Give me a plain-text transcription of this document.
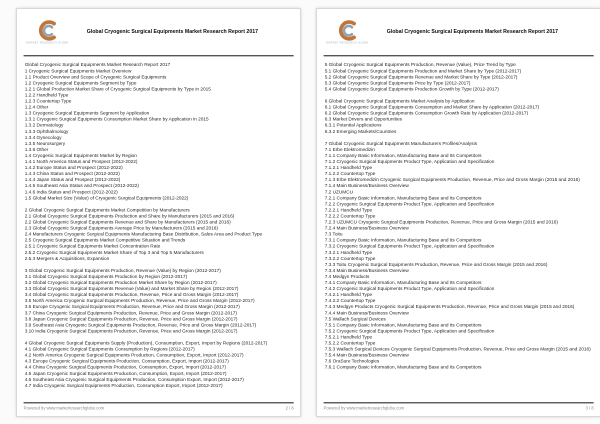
MARKET RESEARCH GLOBE
Global Cryogenic Surgical Equipments Market Research Report 2017
Global Cryogenic Surgical Equipments Market Research Report 2017
1 Cryogenic Surgical Equipments Market Overview
1.1 Product Overview and Scope of Cryogenic Surgical Equipments
1.2 Cryogenic Surgical Equipments Segment by Type
1.2.1 Global Production Market Share of Cryogenic Surgical Equipments by Type in 2015
1.2.2 Handheld Type
1.2.3 Countertop Type
1.2.4 Other
1.3 Cryogenic Surgical Equipments Segment by Application
1.3.1 Cryogenic Surgical Equipments Consumption Market Share by Application in 2015
1.3.2 Dermatology
1.3.3 Ophthalmology
1.3.4 Gynecology
1.3.5 Neurosurgery
1.3.6 Other
1.4 Cryogenic Surgical Equipments Market by Region
1.4.1 North America Status and Prospect (2012-2022)
1.4.2 Europe Status and Prospect (2012-2022)
1.4.3 China Status and Prospect (2012-2022)
1.4.4 Japan Status and Prospect (2012-2022)
1.4.5 Southeast Asia Status and Prospect (2012-2022)
1.4.6 India Status and Prospect (2012-2022)
1.5 Global Market Size (Value) of Cryogenic Surgical Equipments (2012-2022)
2 Global Cryogenic Surgical Equipments Market Competition by Manufacturers
2.1 Global Cryogenic Surgical Equipments Production and Share by Manufacturers (2015 and 2016)
2.2 Global Cryogenic Surgical Equipments Revenue and Share by Manufacturers (2015 and 2016)
2.3 Global Cryogenic Surgical Equipments Average Price by Manufacturers (2015 and 2016)
2.4 Manufacturers Cryogenic Surgical Equipments Manufacturing Base Distribution, Sales Area and Product Type
2.5 Cryogenic Surgical Equipments Market Competitive Situation and Trends
2.5.1 Cryogenic Surgical Equipments Market Concentration Rate
2.5.2 Cryogenic Surgical Equipments Market Share of Top 3 and Top 5 Manufacturers
2.5.3 Mergers & Acquisitions, Expansion
3 Global Cryogenic Surgical Equipments Production, Revenue (Value) by Region (2012-2017)
3.1 Global Cryogenic Surgical Equipments Production by Region (2012-2017)
3.2 Global Cryogenic Surgical Equipments Production Market Share by Region (2012-2017)
3.3 Global Cryogenic Surgical Equipments Revenue (Value) and Market Share by Region (2012-2017)
3.4 Global Cryogenic Surgical Equipments Production, Revenue, Price and Gross Margin (2012-2017)
3.5 North America Cryogenic Surgical Equipments Production, Revenue, Price and Gross Margin (2012-2017)
3.6 Europe Cryogenic Surgical Equipments Production, Revenue, Price and Gross Margin (2012-2017)
3.7 China Cryogenic Surgical Equipments Production, Revenue, Price and Gross Margin (2012-2017)
3.8 Japan Cryogenic Surgical Equipments Production, Revenue, Price and Gross Margin (2012-2017)
3.9 Southeast Asia Cryogenic Surgical Equipments Production, Revenue, Price and Gross Margin (2012-2017)
3.10 India Cryogenic Surgical Equipments Production, Revenue, Price and Gross Margin (2012-2017)
4 Global Cryogenic Surgical Equipments Supply (Production), Consumption, Export, Import by Regions (2012-2017)
4.1 Global Cryogenic Surgical Equipments Consumption by Regions (2012-2017)
4.2 North America Cryogenic Surgical Equipments Production, Consumption, Export, Import (2012-2017)
4.3 Europe Cryogenic Surgical Equipments Production, Consumption, Export, Import (2012-2017)
4.4 China Cryogenic Surgical Equipments Production, Consumption, Export, Import (2012-2017)
4.5 Japan Cryogenic Surgical Equipments Production, Consumption, Export, Import (2012-2017)
4.6 Southeast Asia Cryogenic Surgical Equipments Production, Consumption Export, Import (2012-2017)
4.7 India Cryogenic Surgical Equipments Production, Consumption Export, Import (2012-2017)
Powered by www.marketresearchglobe.com	2 / 8
MARKET RESEARCH GLOBE
Global Cryogenic Surgical Equipments Market Research Report 2017
5 Global Cryogenic Surgical Equipments Production, Revenue (Value), Price Trend by Type
5.1 Global Cryogenic Surgical Equipments Production and Market Share by Type (2012-2017)
5.2 Global Cryogenic Surgical Equipments Revenue and Market Share by Type (2012-2017)
5.3 Global Cryogenic Surgical Equipments Price by Type (2012-2017)
5.4 Global Cryogenic Surgical Equipments Production Growth by Type (2012-2017)
6 Global Cryogenic Surgical Equipments Market Analysis by Application
6.1 Global Cryogenic Surgical Equipments Consumption and Market Share by Application (2012-2017)
6.2 Global Cryogenic Surgical Equipments Consumption Growth Rate by Application (2012-2017)
6.3 Market Drivers and Opportunities
6.3.1 Potential Applications
6.3.2 Emerging Markets/Countries
7 Global Cryogenic Surgical Equipments Manufacturers Profiles/Analysis
7.1 Erbe Elektromedizin
7.1.1 Company Basic Information, Manufacturing Base and Its Competitors
7.1.2 Cryogenic Surgical Equipments Product Type, Application and Specification
7.1.2.1 Handheld Type
7.1.2.2 Countertop Type
7.1.3 Erbe Elektromedizin Cryogenic Surgical Equipments Production, Revenue, Price and Gross Margin (2015 and 2016)
7.1.4 Main Business/Business Overview
7.2 UZUMCU
7.2.1 Company Basic Information, Manufacturing Base and Its Competitors
7.2.2 Cryogenic Surgical Equipments Product Type, Application and Specification
7.2.2.1 Handheld Type
7.2.2.2 Countertop Type
7.2.3 UZUMCU Cryogenic Surgical Equipments Production, Revenue, Price and Gross Margin (2015 and 2016)
7.2.4 Main Business/Business Overview
7.3 Toitu
7.3.1 Company Basic Information, Manufacturing Base and Its Competitors
7.3.2 Cryogenic Surgical Equipments Product Type, Application and Specification
7.3.2.1 Handheld Type
7.3.2.2 Countertop Type
7.3.3 Toitu Cryogenic Surgical Equipments Production, Revenue, Price and Gross Margin (2015 and 2016)
7.3.4 Main Business/Business Overview
7.4 Medgyn Products
7.4.1 Company Basic Information, Manufacturing Base and Its Competitors
7.4.2 Cryogenic Surgical Equipments Product Type, Application and Specification
7.4.2.1 Handheld Type
7.4.2.2 Countertop Type
7.4.3 Medgyn Products Cryogenic Surgical Equipments Production, Revenue, Price and Gross Margin (2015 and 2016)
7.4.4 Main Business/Business Overview
7.5 Wallach Surgical Devices
7.5.1 Company Basic Information, Manufacturing Base and Its Competitors
7.5.2 Cryogenic Surgical Equipments Product Type, Application and Specification
7.5.2.1 Handheld Type
7.5.2.2 Countertop Type
7.5.3 Wallach Surgical Devices Cryogenic Surgical Equipments Production, Revenue, Price and Gross Margin (2015 and 2016)
7.5.4 Main Business/Business Overview
7.6 OraSure Technologies
7.6.1 Company Basic Information, Manufacturing Base and Its Competitors
Powered by www.marketresearchglobe.com	3 / 8
